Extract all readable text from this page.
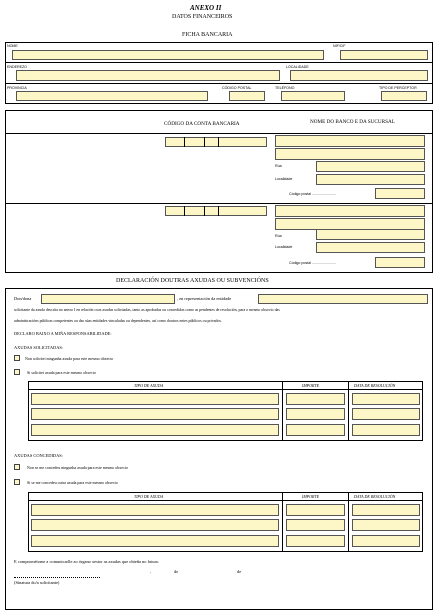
ANEXO II
DATOS FINANCEIROS
FICHA BANCARIA
NOME	NIF/CIF
ENDEREZO	LOCALIDADE
PROVINCIA	CÓDIGO POSTAL	TELÉFONO	TIPO DE PERCEPTOR
CÓDIGO DA CONTA BANCARIA	NOME DO BANCO E DA SUCURSAL
Rúa
Localidade
Código postal ........................
Rúa
Localidade
Código postal ........................
DECLARACIÓN DOUTRAS AXUDAS OU SUBVENCIÓNS
Don/dona	, en representación da entidade
solicitante da axuda descrita no anexo I en relación coas axudas solicitadas, tanto as aprobadas ou concedidas como as pendentes de resolución, para o mesmo obxecto das
administracións públicas competentes ou das súas entidades vinculadas ou dependentes, así como doutros entes públicos ou privados.
DECLARO BAIXO A MIÑA RESPONSABILIDADE:
AXUDAS SOLICITADAS:
Non solicitei ningunha axuda para este mesmo obxecto
Si solicitei axuda para este mesmo obxecto
TIPO DE AXUDA	IMPORTE	DATA DE RESOLUCIÓN
AXUDAS CONCEDIDAS:
Non se me concedeu ningunha axuda para este mesmo obxecto
Si se me concedeu outra axuda para este mesmo obxecto
TIPO DE AXUDA	IMPORTE	DATA DE RESOLUCIÓN
E comprométome a comunicarlle ao órgano xestor as axudas que obteña no futuro.
,	de	de
(Sinatura do/a solicitante)
